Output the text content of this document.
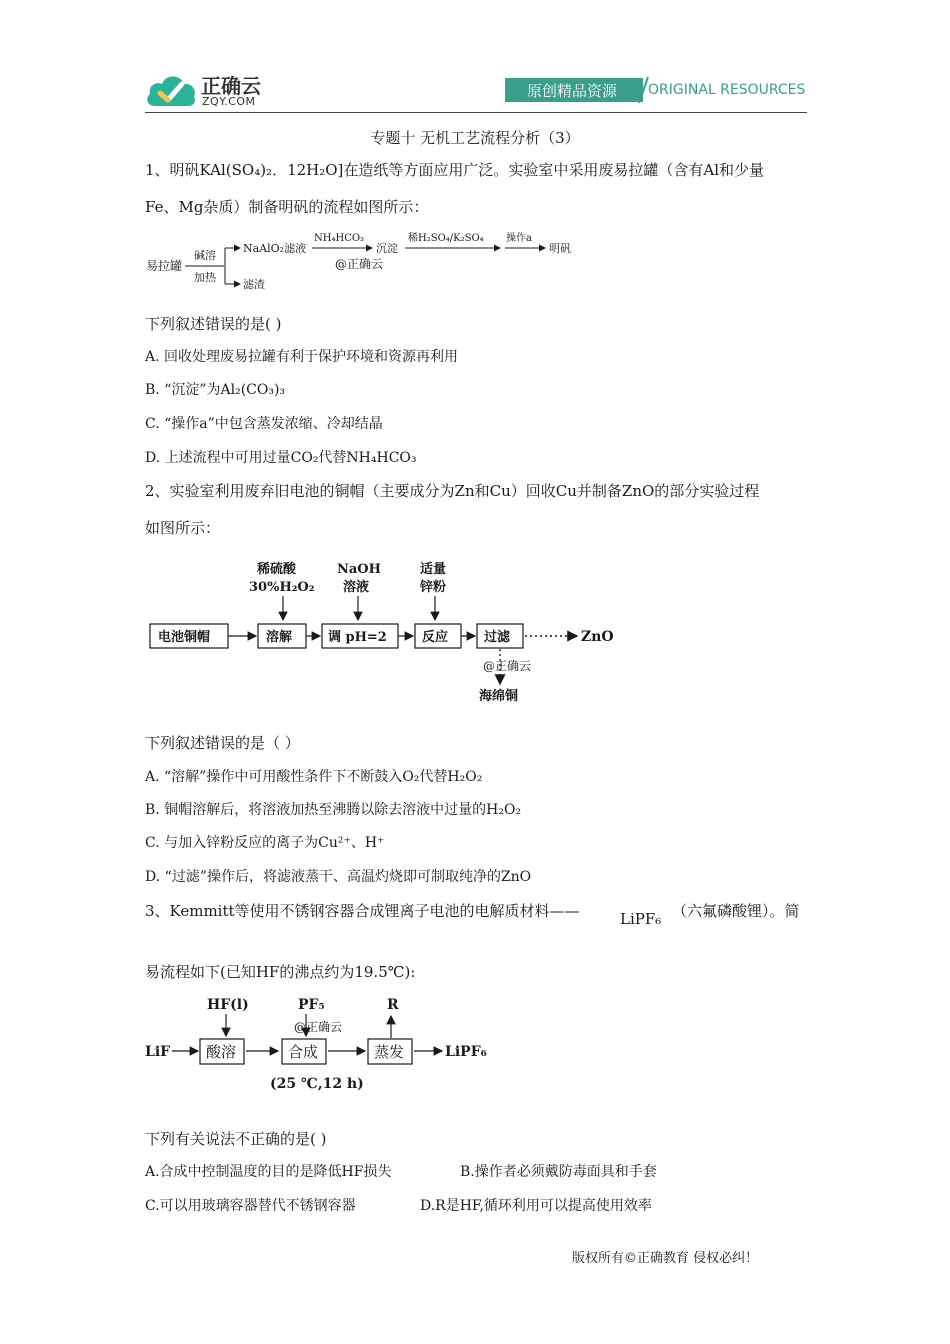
正确云
ZQY.COM
原创精品资源 ORIGINAL RESOURCES
专题十 无机工艺流程分析（3）
1、明矾KAl(SO₄)₂．12H₂O]在造纸等方面应用广泛。实验室中采用废易拉罐（含有Al和少量
Fe、Mg杂质）制备明矾的流程如图所示：
易拉罐
碱溶
加热
NaAlO₂滤液
滤渣
NH₄HCO₃
@正确云
沉淀
稀H₂SO₄/K₂SO₄ 操作a
明矾
下列叙述错误的是( )
A. 回收处理废易拉罐有利于保护环境和资源再利用
B. “沉淀”为Al₂(CO₃)₃
C. “操作a”中包含蒸发浓缩、冷却结晶
D. 上述流程中可用过量CO₂代替NH₄HCO₃
2、实验室利用废弃旧电池的铜帽（主要成分为Zn和Cu）回收Cu并制备ZnO的部分实验过程
如图所示：
稀硫酸
30%H₂O₂
NaOH
溶液
适量
锌粉
电池铜帽	溶解	调 pH=2	反应	过滤	ZnO
@正确云
海绵铜
下列叙述错误的是（ ）
A. “溶解”操作中可用酸性条件下不断鼓入O₂代替H₂O₂
B. 铜帽溶解后，将溶液加热至沸腾以除去溶液中过量的H₂O₂
C. 与加入锌粉反应的离子为Cu²⁺、H⁺
D. “过滤”操作后，将滤液蒸干、高温灼烧即可制取纯净的ZnO
3、Kemmitt等使用不锈钢容器合成锂离子电池的电解质材料——	LiPF₆ （六氟磷酸锂）。简
易流程如下(已知HF的沸点约为19.5℃):
HF(l)	PF₅
@正确云
R
LiF 酸溶	合成	蒸发	LiPF₆
(25 ℃,12 h)
下列有关说法不正确的是( )
A.合成中控制温度的目的是降低HF损失	B.操作者必须戴防毒面具和手套
C.可以用玻璃容器替代不锈钢容器	D.R是HF,循环利用可以提高使用效率
版权所有©正确教育 侵权必纠！
